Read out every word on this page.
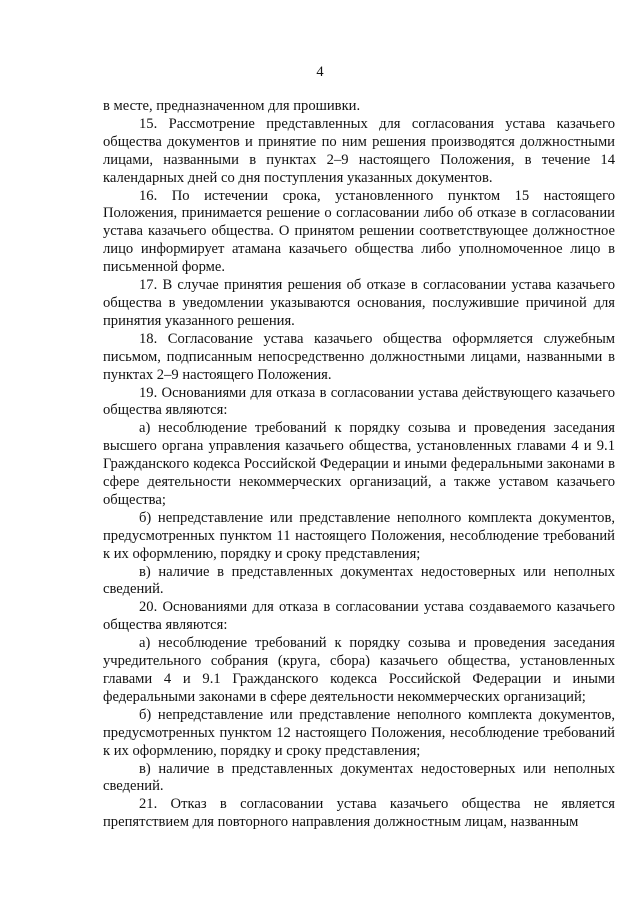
4

в месте, предназначенном для прошивки.

15. Рассмотрение представленных для согласования устава казачьего общества документов и принятие по ним решения производятся должностными лицами, названными в пунктах 2–9 настоящего Положения, в течение 14 календарных дней со дня поступления указанных документов.

16. По истечении срока, установленного пунктом 15 настоящего Положения, принимается решение о согласовании либо об отказе в согласовании устава казачьего общества. О принятом решении соответствующее должностное лицо информирует атамана казачьего общества либо уполномоченное лицо в письменной форме.

17. В случае принятия решения об отказе в согласовании устава казачьего общества в уведомлении указываются основания, послужившие причиной для принятия указанного решения.

18. Согласование устава казачьего общества оформляется служебным письмом, подписанным непосредственно должностными лицами, названными в пунктах 2–9 настоящего Положения.

19. Основаниями для отказа в согласовании устава действующего казачьего общества являются:

а) несоблюдение требований к порядку созыва и проведения заседания высшего органа управления казачьего общества, установленных главами 4 и 9.1 Гражданского кодекса Российской Федерации и иными федеральными законами в сфере деятельности некоммерческих организаций, а также уставом казачьего общества;

б) непредставление или представление неполного комплекта документов, предусмотренных пунктом 11 настоящего Положения, несоблюдение требований к их оформлению, порядку и сроку представления;

в) наличие в представленных документах недостоверных или неполных сведений.

20. Основаниями для отказа в согласовании устава создаваемого казачьего общества являются:

а) несоблюдение требований к порядку созыва и проведения заседания учредительного собрания (круга, сбора) казачьего общества, установленных главами 4 и 9.1 Гражданского кодекса Российской Федерации и иными федеральными законами в сфере деятельности некоммерческих организаций;

б) непредставление или представление неполного комплекта документов, предусмотренных пунктом 12 настоящего Положения, несоблюдение требований к их оформлению, порядку и сроку представления;

в) наличие в представленных документах недостоверных или неполных сведений.

21. Отказ в согласовании устава казачьего общества не является препятствием для повторного направления должностным лицам, названным
